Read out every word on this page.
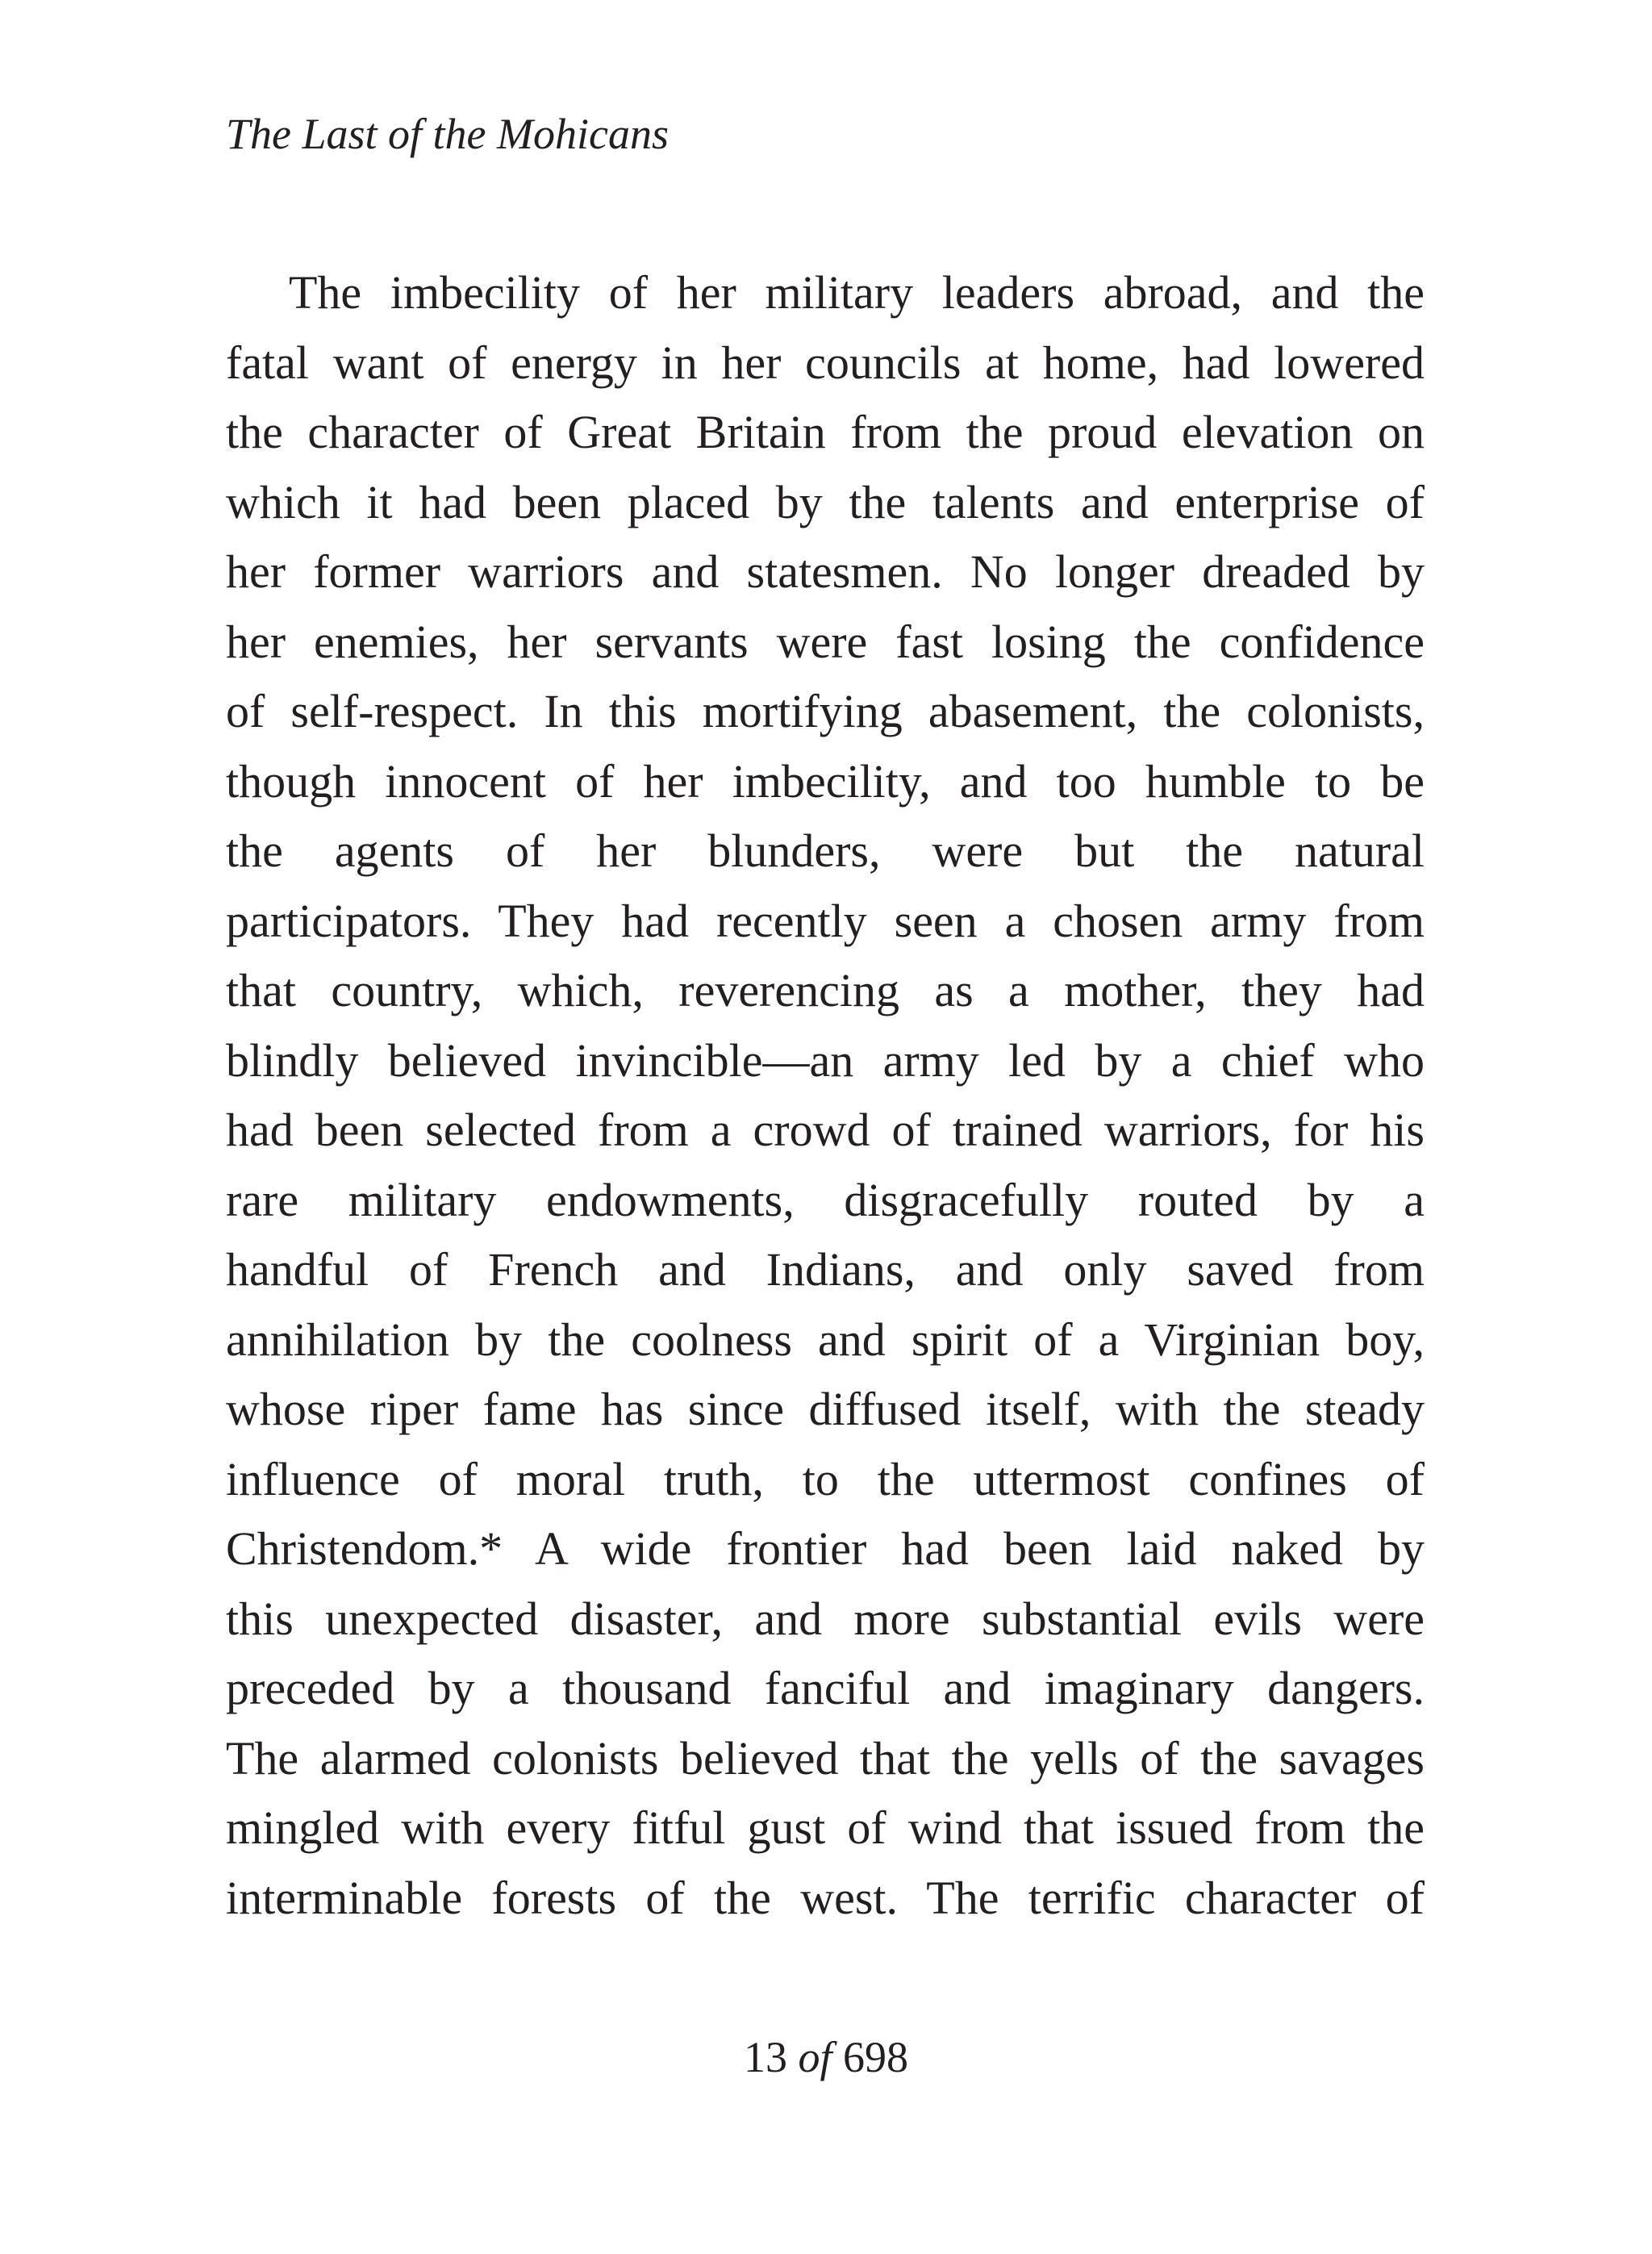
The Last of the Mohicans
The imbecility of her military leaders abroad, and the
fatal want of energy in her councils at home, had lowered
the character of Great Britain from the proud elevation on
which it had been placed by the talents and enterprise of
her former warriors and statesmen. No longer dreaded by
her enemies, her servants were fast losing the confidence
of self-respect. In this mortifying abasement, the colonists,
though innocent of her imbecility, and too humble to be
the agents of her blunders, were but the natural
participators. They had recently seen a chosen army from
that country, which, reverencing as a mother, they had
blindly believed invincible—an army led by a chief who
had been selected from a crowd of trained warriors, for his
rare military endowments, disgracefully routed by a
handful of French and Indians, and only saved from
annihilation by the coolness and spirit of a Virginian boy,
whose riper fame has since diffused itself, with the steady
influence of moral truth, to the uttermost confines of
Christendom.* A wide frontier had been laid naked by
this unexpected disaster, and more substantial evils were
preceded by a thousand fanciful and imaginary dangers.
The alarmed colonists believed that the yells of the savages
mingled with every fitful gust of wind that issued from the
interminable forests of the west. The terrific character of
13 of 698
